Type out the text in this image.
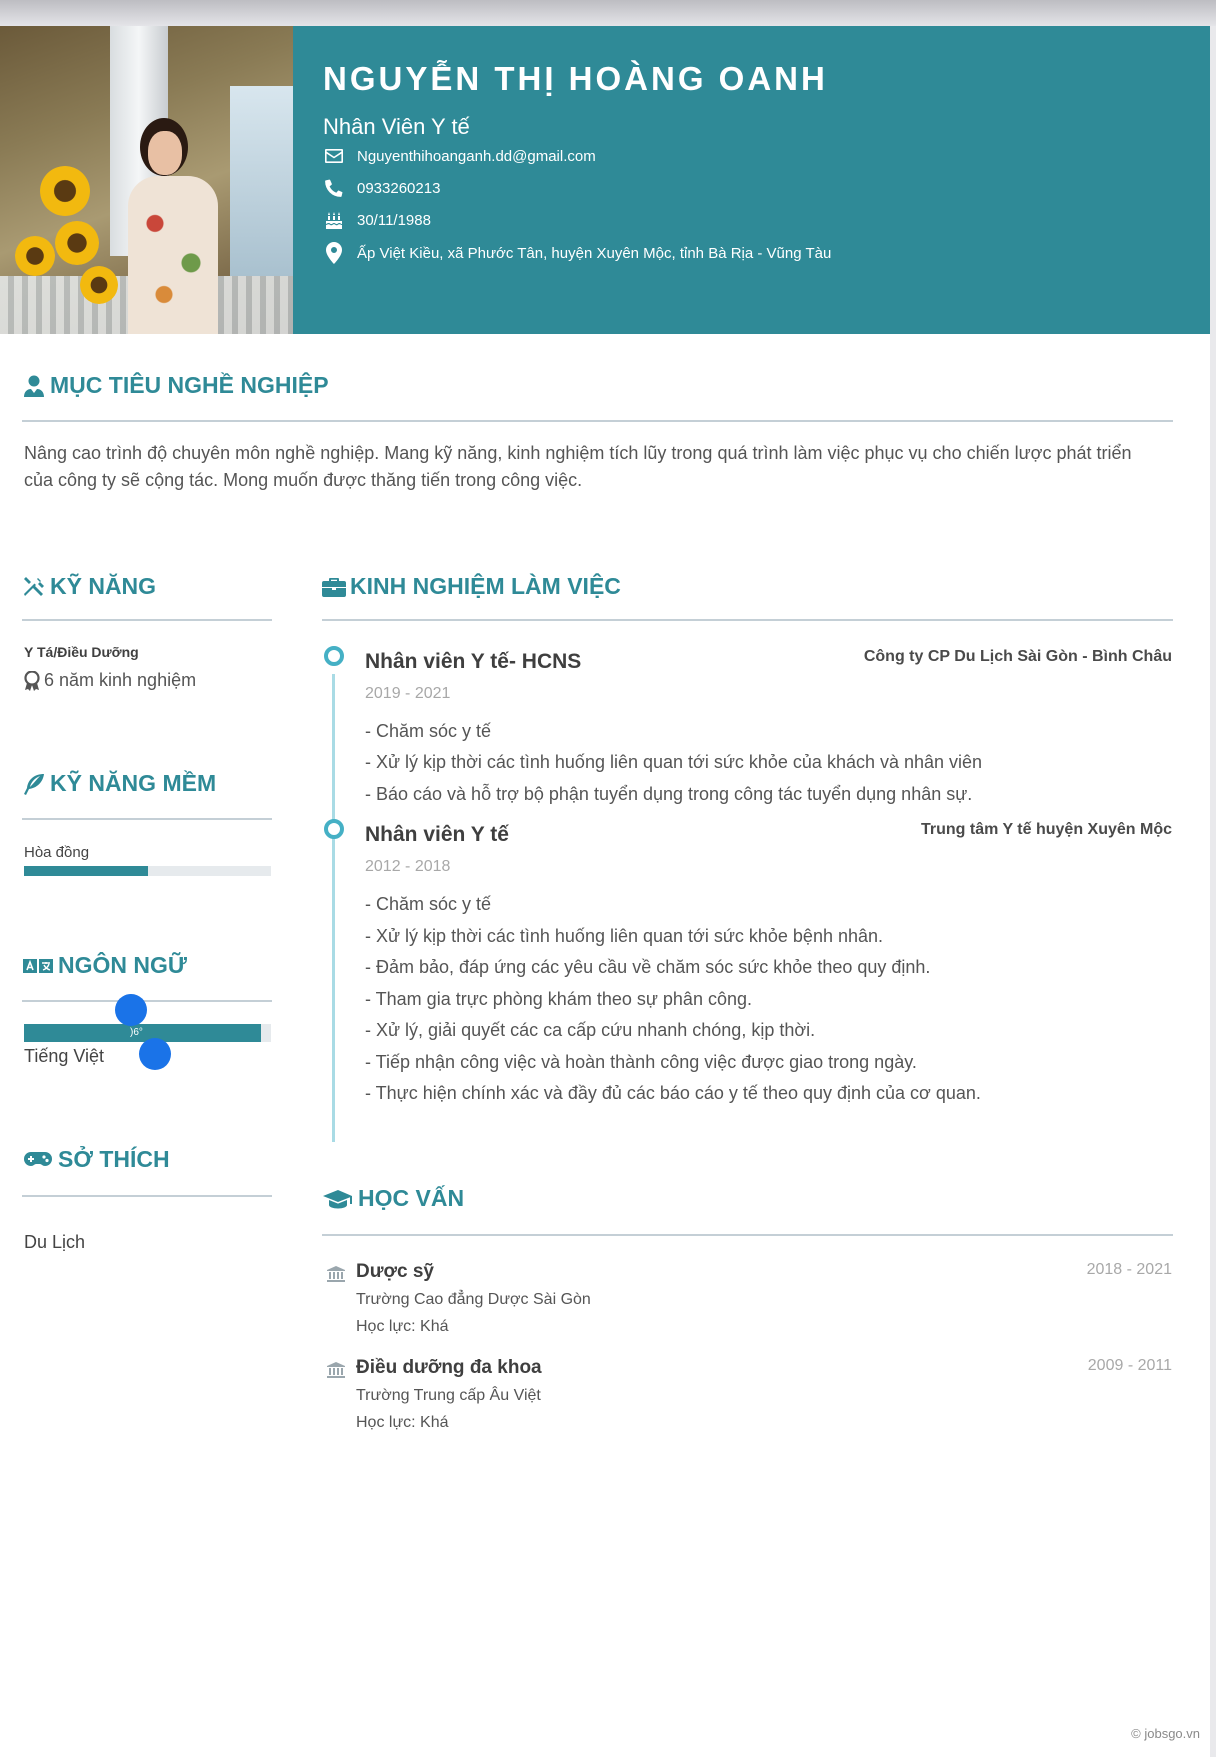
NGUYỄN THỊ HOÀNG OANH
Nhân Viên Y tế
Nguyenthihoanganh.dd@gmail.com
0933260213
30/11/1988
Ấp Việt Kiều, xã Phước Tân, huyện Xuyên Mộc, tỉnh Bà Rịa - Vũng Tàu
MỤC TIÊU NGHỀ NGHIỆP
Nâng cao trình độ chuyên môn nghề nghiệp. Mang kỹ năng, kinh nghiệm tích lũy trong quá trình làm việc phục vụ cho chiến lược phát triển của công ty sẽ cộng tác. Mong muốn được thăng tiến trong công việc.
KỸ NĂNG
Y Tá/Điều Dưỡng
6 năm kinh nghiệm
KỸ NĂNG MỀM
Hòa đồng
NGÔN NGỮ
)6°
Tiếng Việt
SỞ THÍCH
Du Lịch
KINH NGHIỆM LÀM VIỆC
Nhân viên Y tế- HCNS	Công ty CP Du Lịch Sài Gòn - Bình Châu
2019 - 2021
- Chăm sóc y tế
- Xử lý kịp thời các tình huống liên quan tới sức khỏe của khách và nhân viên
- Báo cáo và hỗ trợ bộ phận tuyển dụng trong công tác tuyển dụng nhân sự.
Nhân viên Y tế	Trung tâm Y tế huyện Xuyên Mộc
2012 - 2018
- Chăm sóc y tế
- Xử lý kịp thời các tình huống liên quan tới sức khỏe bệnh nhân.
- Đảm bảo, đáp ứng các yêu cầu về chăm sóc sức khỏe theo quy định.
- Tham gia trực phòng khám theo sự phân công.
- Xử lý, giải quyết các ca cấp cứu nhanh chóng, kịp thời.
- Tiếp nhận công việc và hoàn thành công việc được giao trong ngày.
- Thực hiện chính xác và đầy đủ các báo cáo y tế theo quy định của cơ quan.
HỌC VẤN
Dược sỹ	2018 - 2021
Trường Cao đẳng Dược Sài Gòn
Học lực: Khá
Điều dưỡng đa khoa	2009 - 2011
Trường Trung cấp Âu Việt
Học lực: Khá
© jobsgo.vn
